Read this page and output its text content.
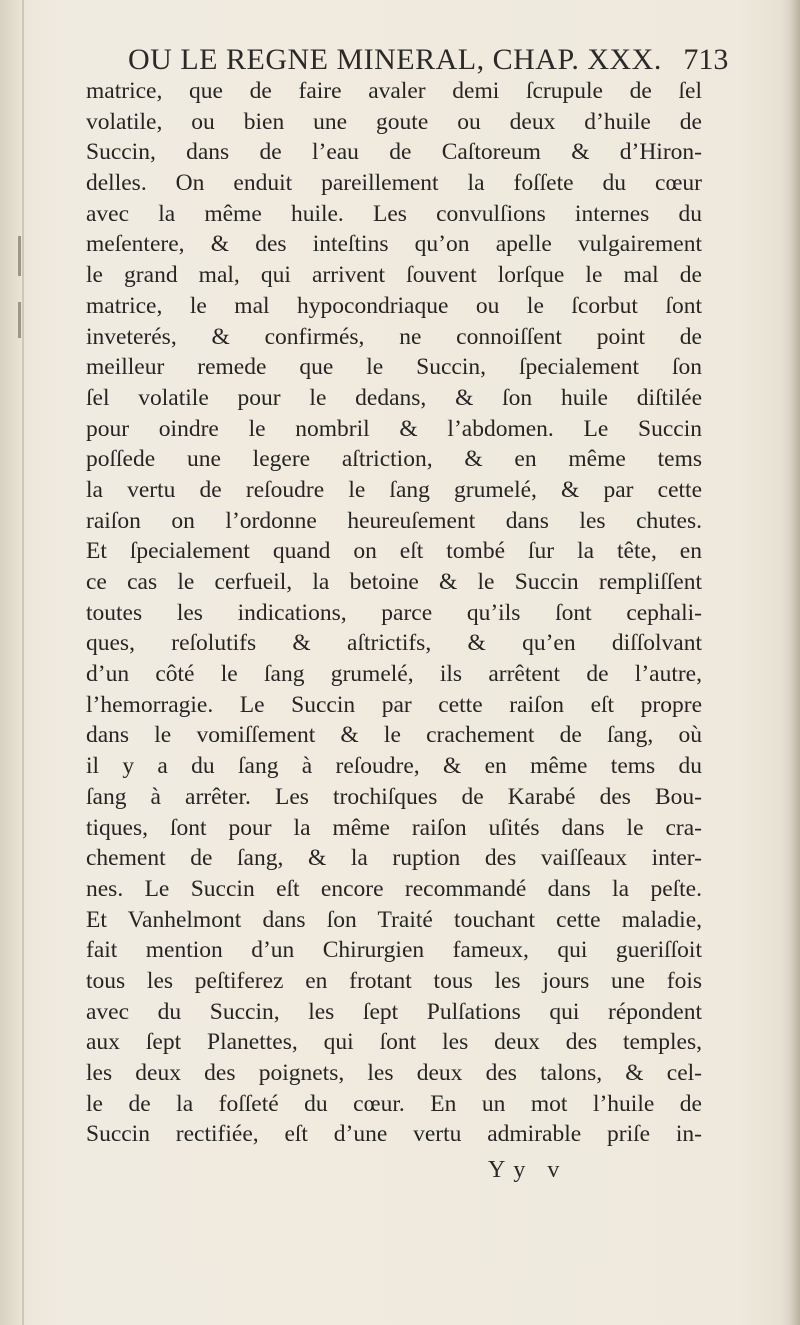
OU LE REGNE MINERAL, CHAP. XXX. 713
matrice, que de faire avaler demi ſcrupule de ſel
volatile, ou bien une goute ou deux d’huile de
Succin, dans de l’eau de Caſtoreum & d’Hiron-
delles. On enduit pareillement la foſſete du cœur
avec la même huile. Les convulſions internes du
meſentere, & des inteſtins qu’on apelle vulgairement
le grand mal, qui arrivent ſouvent lorſque le mal de
matrice, le mal hypocondriaque ou le ſcorbut ſont
inveterés, & confirmés, ne connoiſſent point de
meilleur remede que le Succin, ſpecialement ſon
ſel volatile pour le dedans, & ſon huile diſtilée
pour oindre le nombril & l’abdomen. Le Succin
poſſede une legere aſtriction, & en même tems
la vertu de reſoudre le ſang grumelé, & par cette
raiſon on l’ordonne heureuſement dans les chutes.
Et ſpecialement quand on eſt tombé ſur la tête, en
ce cas le cerfueil, la betoine & le Succin rempliſſent
toutes les indications, parce qu’ils ſont cephali-
ques, reſolutifs & aſtrictifs, & qu’en diſſolvant
d’un côté le ſang grumelé, ils arrêtent de l’autre,
l’hemorragie. Le Succin par cette raiſon eſt propre
dans le vomiſſement & le crachement de ſang, où
il y a du ſang à reſoudre, & en même tems du
ſang à arrêter. Les trochiſques de Karabé des Bou-
tiques, ſont pour la même raiſon uſités dans le cra-
chement de ſang, & la ruption des vaiſſeaux inter-
nes. Le Succin eſt encore recommandé dans la peſte.
Et Vanhelmont dans ſon Traité touchant cette maladie,
fait mention d’un Chirurgien fameux, qui gueriſſoit
tous les peſtiferez en frotant tous les jours une fois
avec du Succin, les ſept Pulſations qui répondent
aux ſept Planettes, qui ſont les deux des temples,
les deux des poignets, les deux des talons, & cel-
le de la foſſeté du cœur. En un mot l’huile de
Succin rectifiée, eſt d’une vertu admirable priſe in-
Yy v
